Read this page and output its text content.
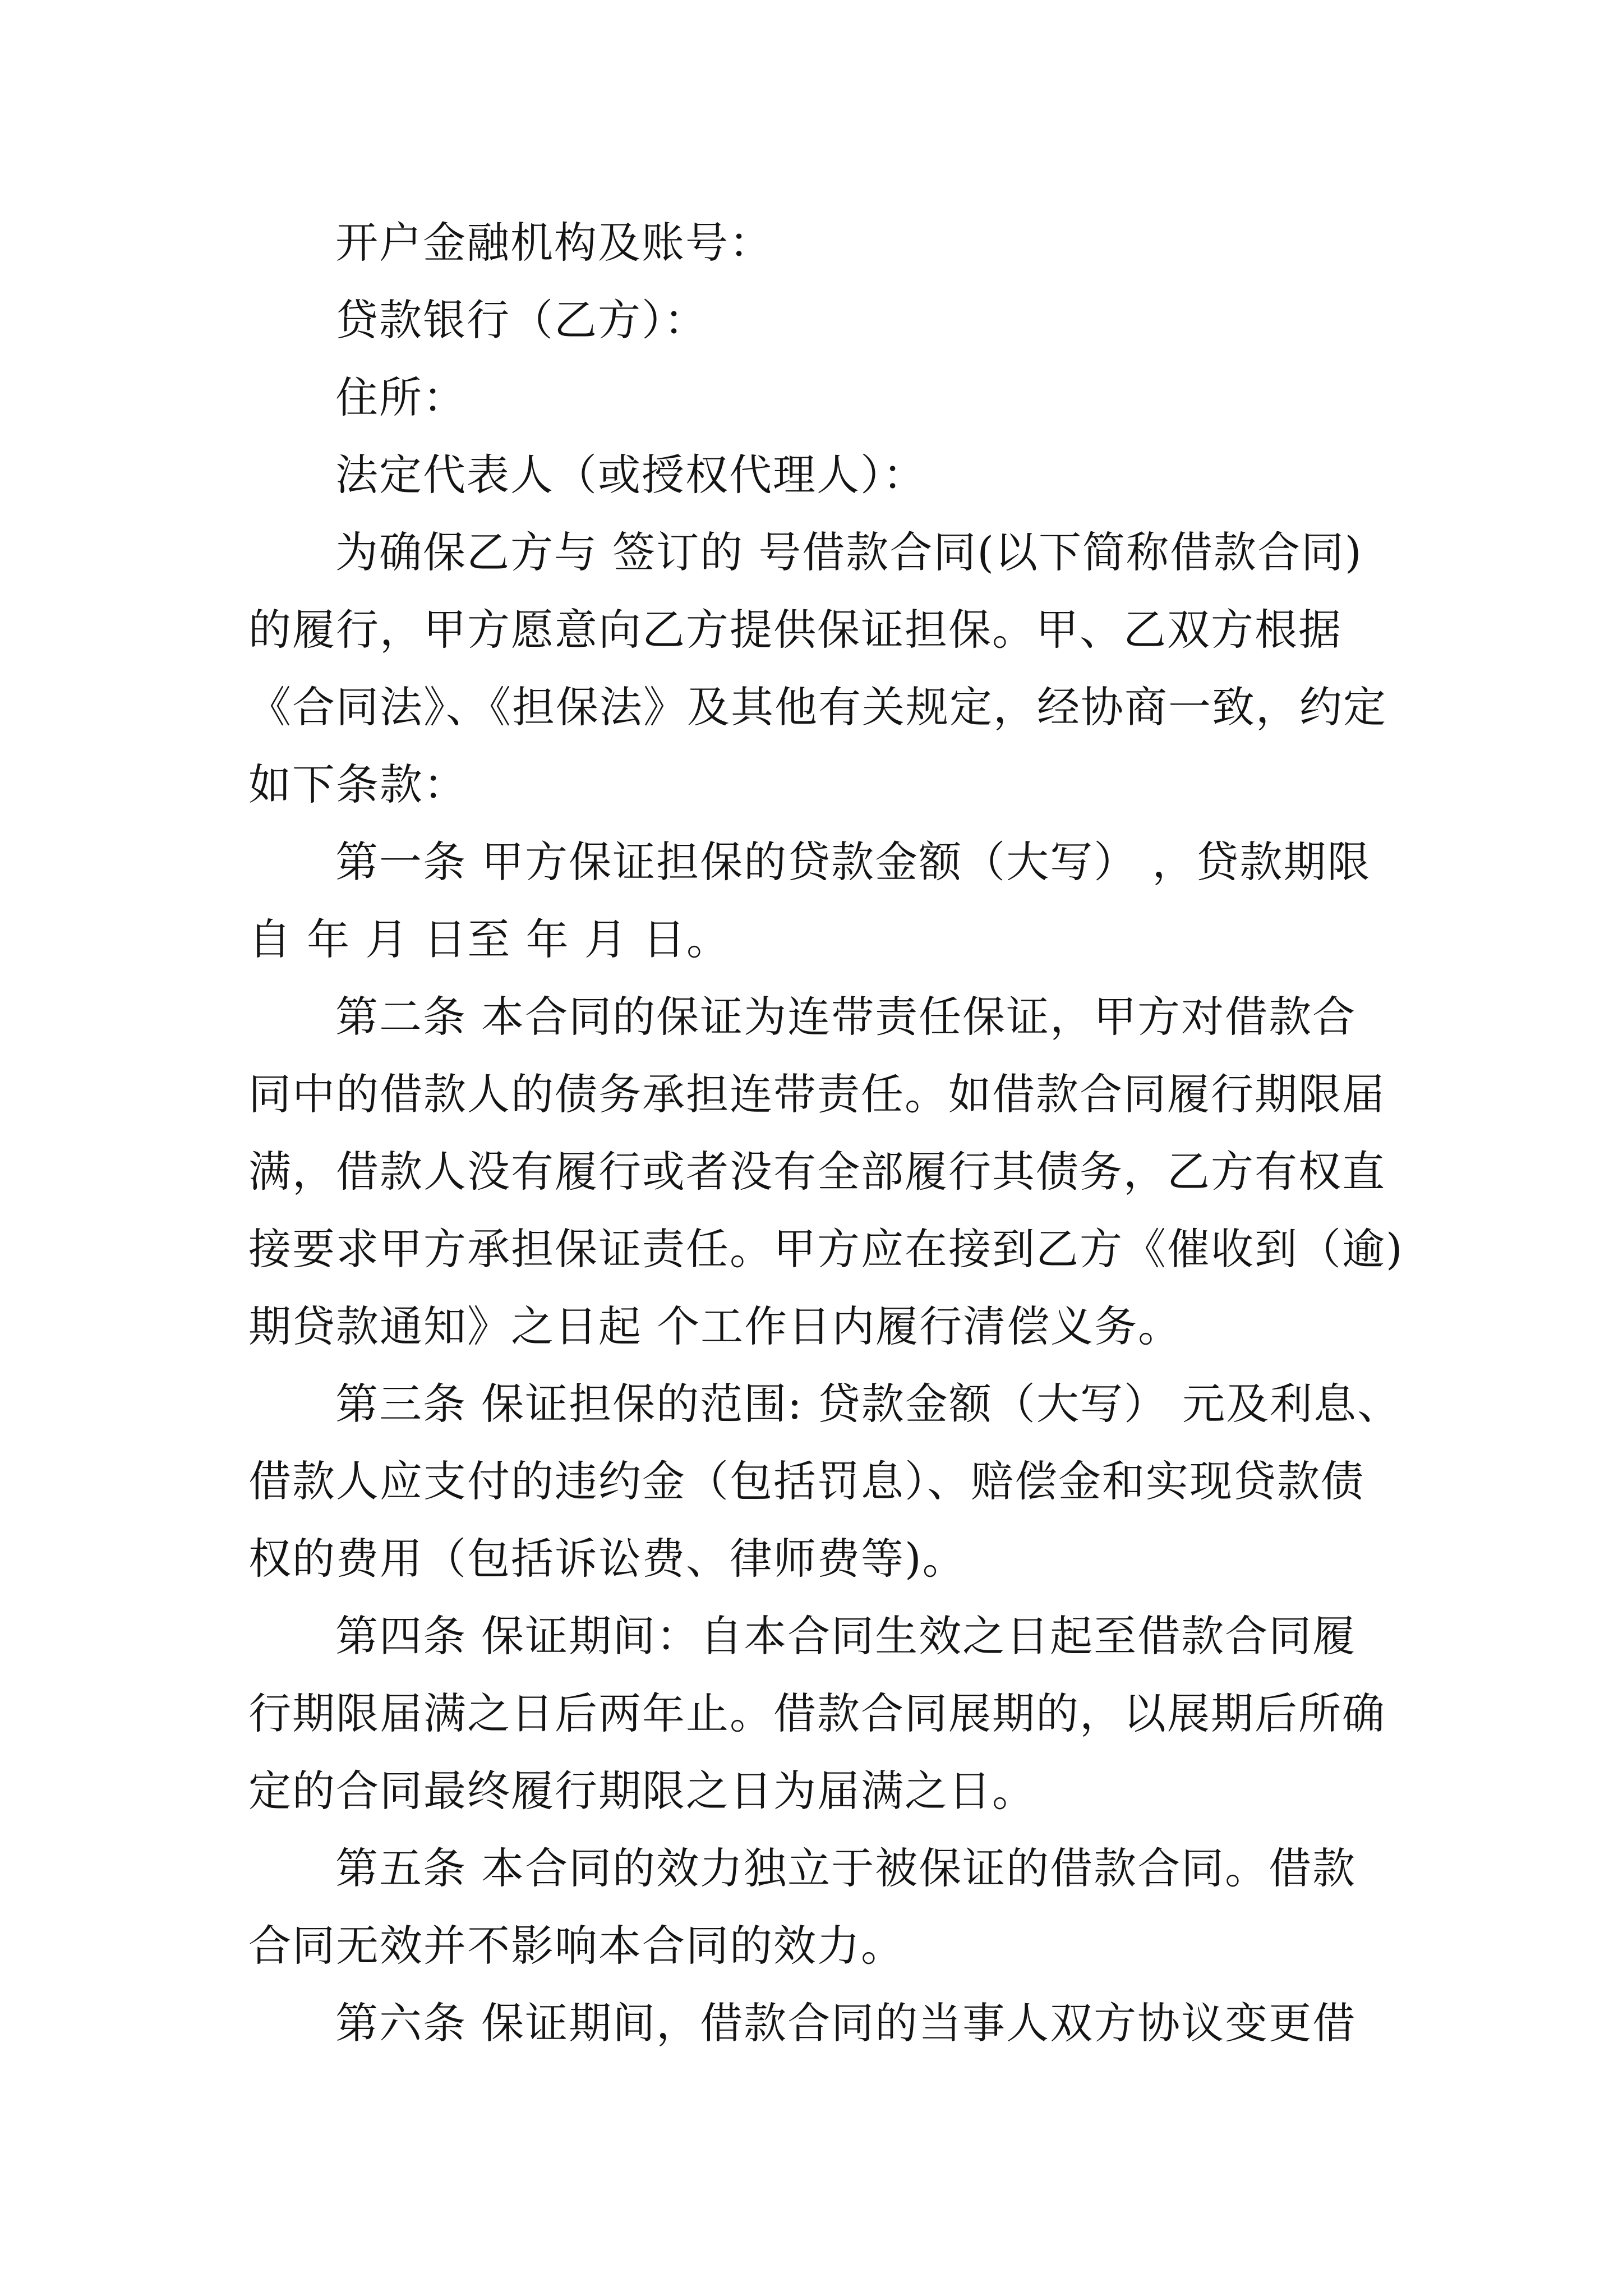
开户金融机构及账号：
贷款银行（乙方）：
住所：
法定代表人（或授权代理人）：
为确保乙方与 签订的 号借款合同(以下简称借款合同)
的履行，甲方愿意向乙方提供保证担保。甲、乙双方根据
《合同法》、《担保法》及其他有关规定，经协商一致，约定
如下条款：
第一条 甲方保证担保的贷款金额（大写） ，贷款期限
自 年 月 日至 年 月 日。
第二条 本合同的保证为连带责任保证，甲方对借款合
同中的借款人的债务承担连带责任。如借款合同履行期限届
满，借款人没有履行或者没有全部履行其债务，乙方有权直
接要求甲方承担保证责任。甲方应在接到乙方《催收到（逾)
期贷款通知》之日起 个工作日内履行清偿义务。
第三条 保证担保的范围: 贷款金额（大写） 元及利息、
借款人应支付的违约金（包括罚息）、赔偿金和实现贷款债
权的费用（包括诉讼费、律师费等)。
第四条 保证期间：自本合同生效之日起至借款合同履
行期限届满之日后两年止。借款合同展期的，以展期后所确
定的合同最终履行期限之日为届满之日。
第五条 本合同的效力独立于被保证的借款合同。借款
合同无效并不影响本合同的效力。
第六条 保证期间，借款合同的当事人双方协议变更借
